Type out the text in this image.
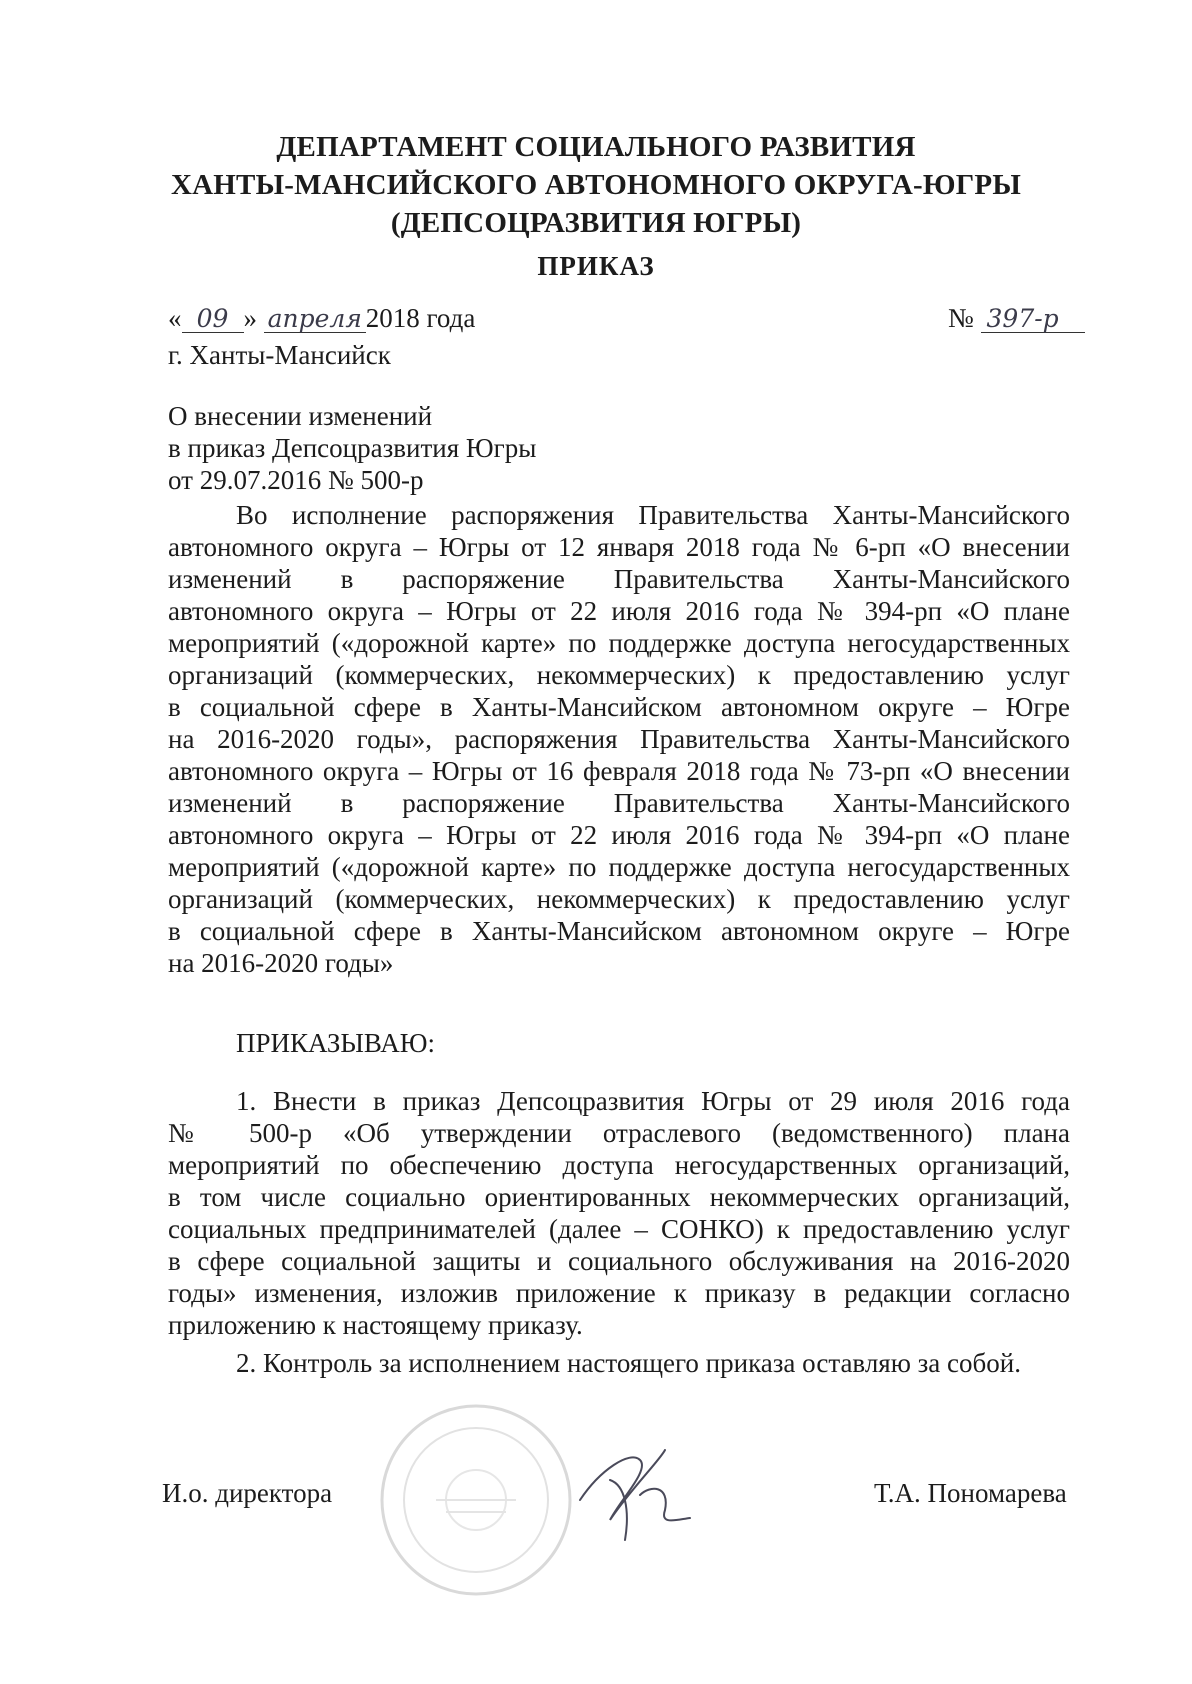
ДЕПАРТАМЕНТ СОЦИАЛЬНОГО РАЗВИТИЯ
ХАНТЫ-МАНСИЙСКОГО АВТОНОМНОГО ОКРУГА-ЮГРЫ
(ДЕПСОЦРАЗВИТИЯ ЮГРЫ)
ПРИКАЗ
« 09 » апреля 2018 года	№ 397-р
г. Ханты-Мансийск
О внесении изменений
в приказ Депсоцразвития Югры
от 29.07.2016 № 500-р
Во исполнение распоряжения Правительства Ханты-Мансийского
автономного округа – Югры от 12 января 2018 года № 6-рп «О внесении
изменений в распоряжение Правительства Ханты-Мансийского
автономного округа – Югры от 22 июля 2016 года № 394-рп «О плане
мероприятий («дорожной карте» по поддержке доступа негосударственных
организаций (коммерческих, некоммерческих) к предоставлению услуг
в социальной сфере в Ханты-Мансийском автономном округе – Югре
на 2016-2020 годы», распоряжения Правительства Ханты-Мансийского
автономного округа – Югры от 16 февраля 2018 года № 73-рп «О внесении
изменений в распоряжение Правительства Ханты-Мансийского
автономного округа – Югры от 22 июля 2016 года № 394-рп «О плане
мероприятий («дорожной карте» по поддержке доступа негосударственных
организаций (коммерческих, некоммерческих) к предоставлению услуг
в социальной сфере в Ханты-Мансийском автономном округе – Югре
на 2016-2020 годы»
ПРИКАЗЫВАЮ:
1. Внести в приказ Депсоцразвития Югры от 29 июля 2016 года
№ 500-р «Об утверждении отраслевого (ведомственного) плана
мероприятий по обеспечению доступа негосударственных организаций,
в том числе социально ориентированных некоммерческих организаций,
социальных предпринимателей (далее – СОНКО) к предоставлению услуг
в сфере социальной защиты и социального обслуживания на 2016-2020
годы» изменения, изложив приложение к приказу в редакции согласно
приложению к настоящему приказу.
2. Контроль за исполнением настоящего приказа оставляю за собой.
И.о. директора	Т.А. Пономарева
